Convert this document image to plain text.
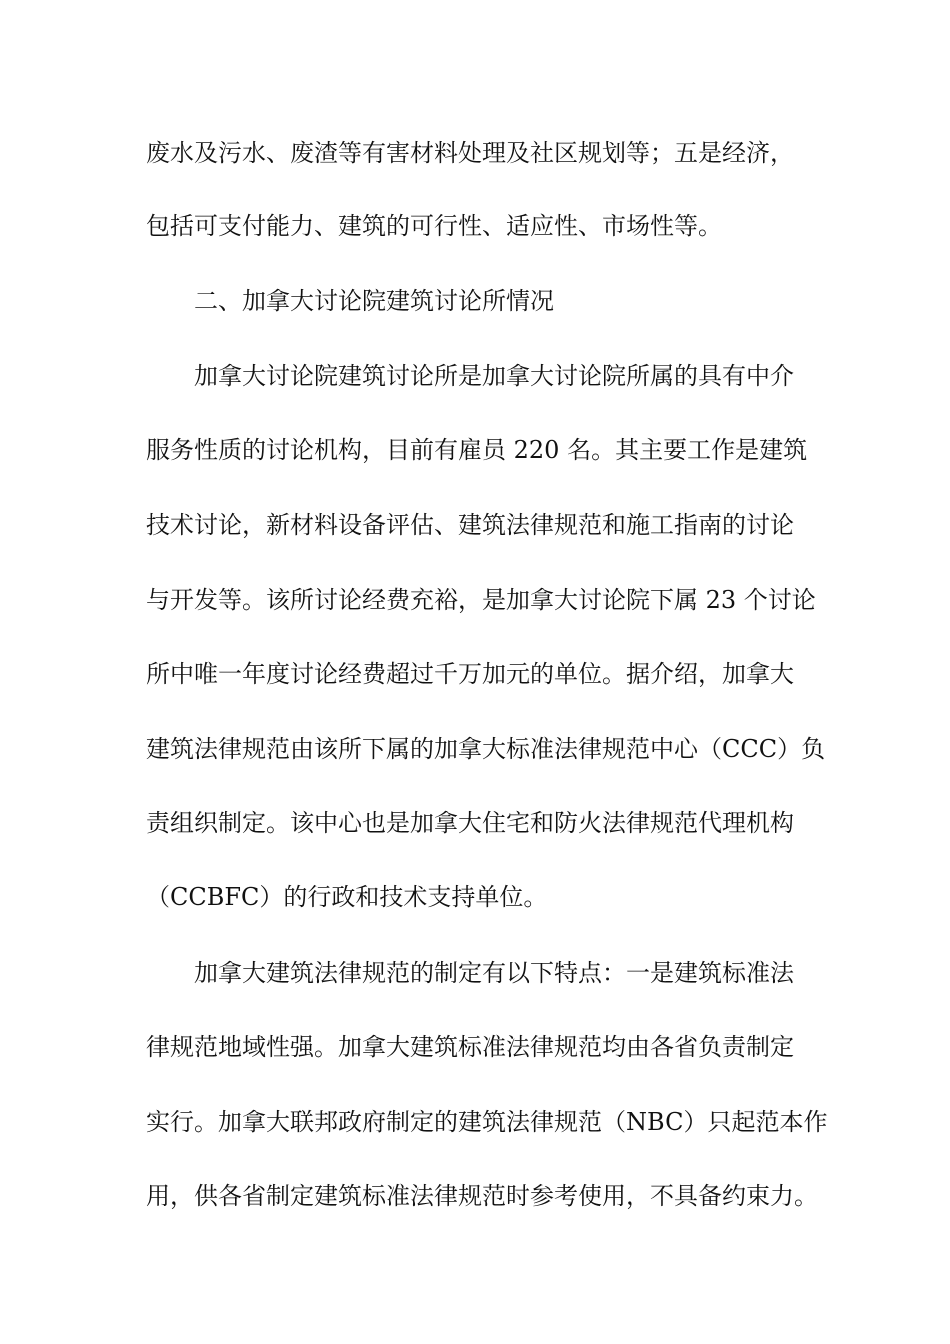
废水及污水、废渣等有害材料处理及社区规划等；五是经济，
包括可支付能力、建筑的可行性、适应性、市场性等。
二、加拿大讨论院建筑讨论所情况
加拿大讨论院建筑讨论所是加拿大讨论院所属的具有中介
服务性质的讨论机构，目前有雇员 220 名。其主要工作是建筑
技术讨论，新材料设备评估、建筑法律规范和施工指南的讨论
与开发等。该所讨论经费充裕，是加拿大讨论院下属 23 个讨论
所中唯一年度讨论经费超过千万加元的单位。据介绍，加拿大
建筑法律规范由该所下属的加拿大标准法律规范中心（CCC）负
责组织制定。该中心也是加拿大住宅和防火法律规范代理机构
（CCBFC）的行政和技术支持单位。
加拿大建筑法律规范的制定有以下特点：一是建筑标准法
律规范地域性强。加拿大建筑标准法律规范均由各省负责制定
实行。加拿大联邦政府制定的建筑法律规范（NBC）只起范本作
用，供各省制定建筑标准法律规范时参考使用，不具备约束力。
